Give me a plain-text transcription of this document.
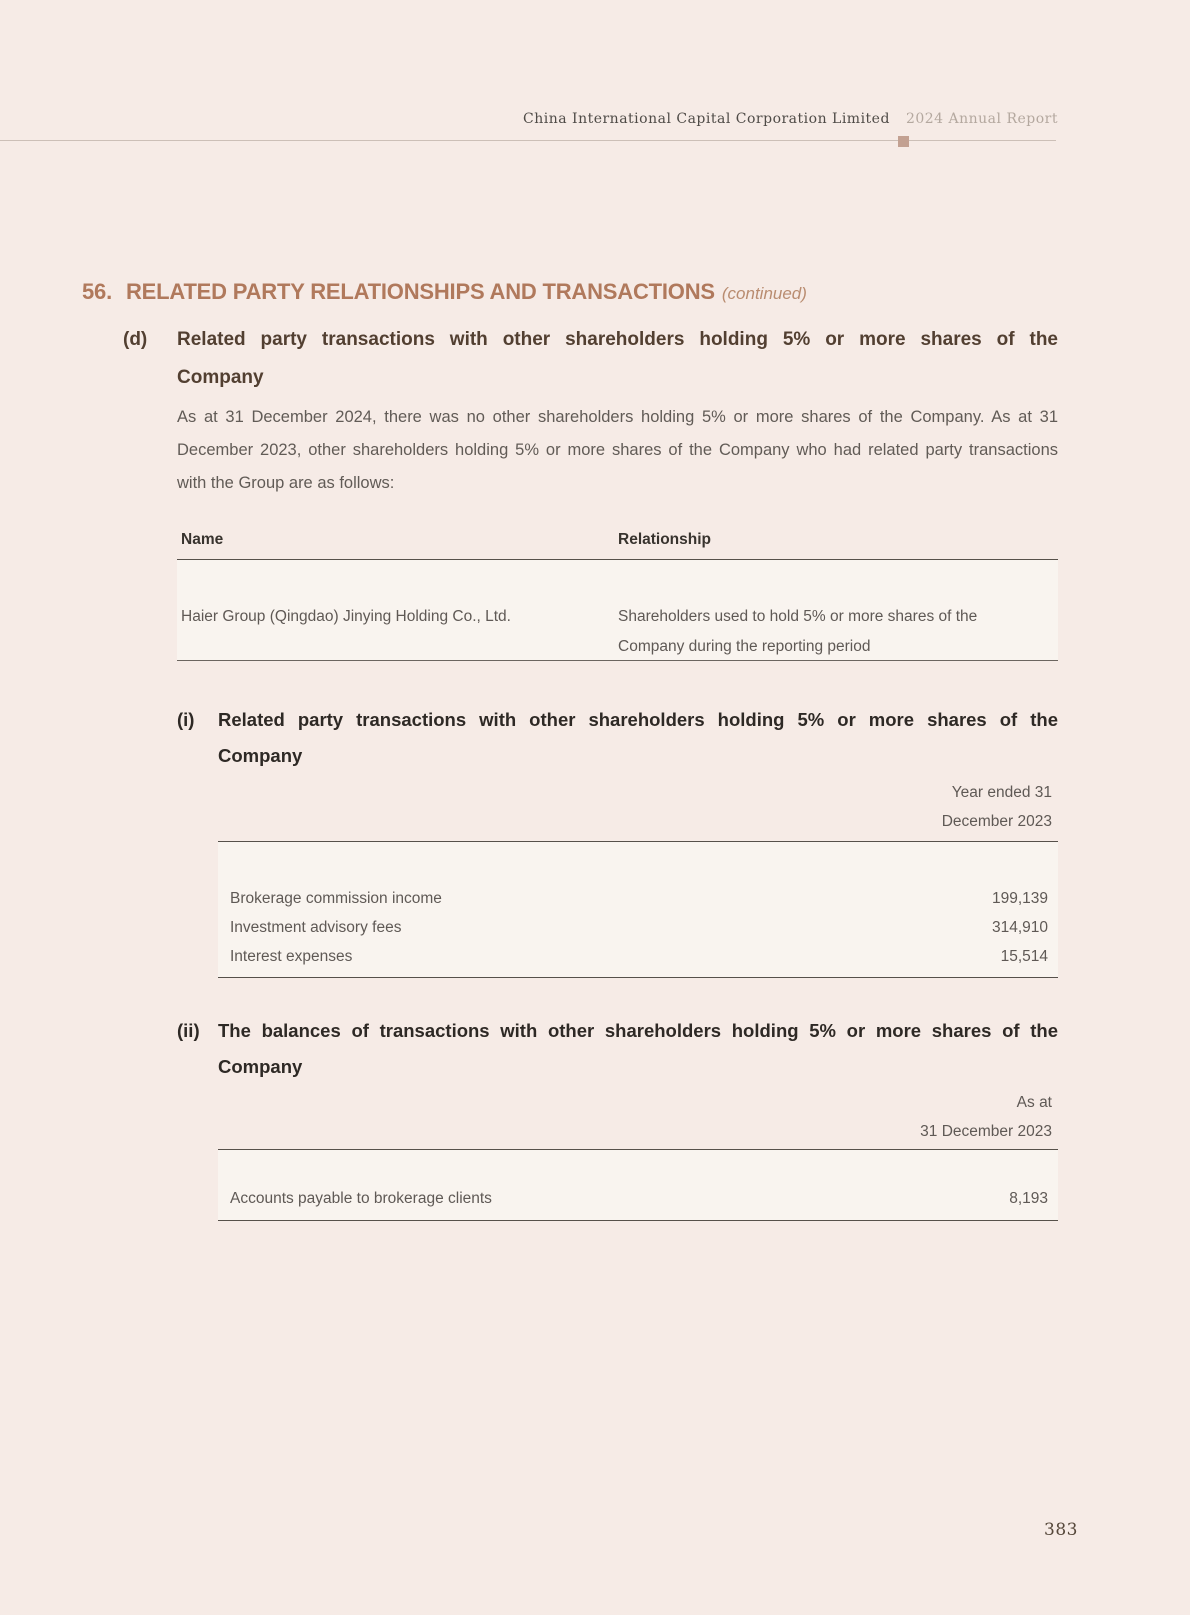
China International Capital Corporation Limited 2024 Annual Report
56. RELATED PARTY RELATIONSHIPS AND TRANSACTIONS (continued)
(d)	Related party transactions with other shareholders holding 5% or more shares of the
Company
As at 31 December 2024, there was no other shareholders holding 5% or more shares of the Company. As at 31
December 2023, other shareholders holding 5% or more shares of the Company who had related party transactions
with the Group are as follows:
Name	Relationship
Haier Group (Qingdao) Jinying Holding Co., Ltd.	Shareholders used to hold 5% or more shares of the
Company during the reporting period
(i)	Related party transactions with other shareholders holding 5% or more shares of the
Company
Year ended 31
December 2023
Brokerage commission income	199,139
Investment advisory fees	314,910
Interest expenses	15,514
(ii) The balances of transactions with other shareholders holding 5% or more shares of the
Company
As at
31 December 2023
Accounts payable to brokerage clients	8,193
383
